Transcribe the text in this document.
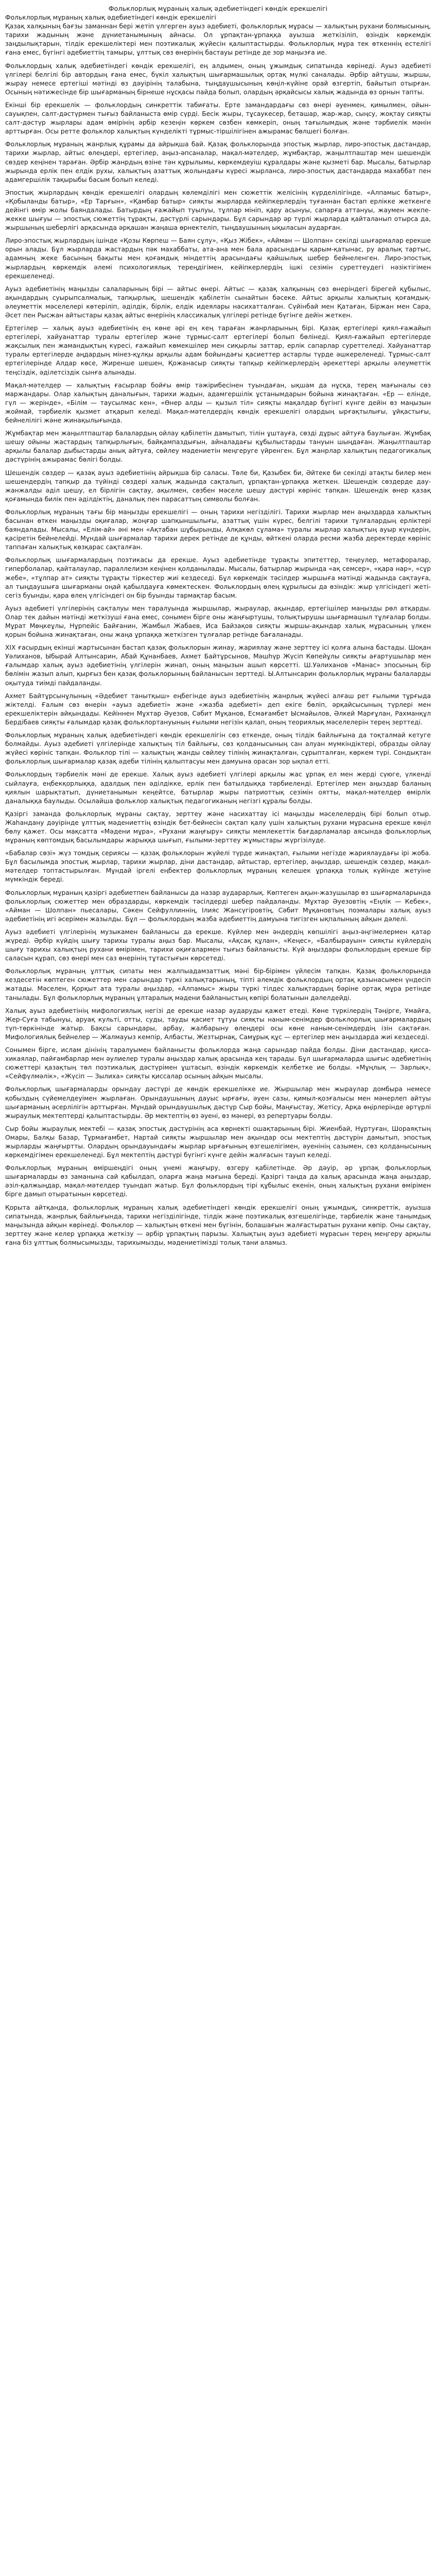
Фольклорлық мұраның халық әдебиетіндегі көндік ерекшелігі
Фольклорлық мұраның халық әдебиетіндегі көндік ерекшелігі

Қазақ халқының бағзы заманнан бері жетіп үлгерген ауыз әдебиеті, фольклорлық мұрасы — халықтың рухани болмысының, тарихи жадының және дүниетанымының айнасы. Ол ұрпақтан-ұрпаққа ауызша жеткізіліп, өзіндік көркемдік заңдылықтарын, тілдік ерекшеліктері мен поэтикалық жүйесін қалыптастырды. Фольклорлық мұра тек өткеннің естелігі ғана емес, бүгінгі әдебиеттің тамыры, ұлттық сөз өнерінің бастауы ретінде де зор маңызға ие.

Фольклордың халық әдебиетіндегі көндік ерекшелігі, ең алдымен, оның ұжымдық сипатында көрінеді. Ауыз әдебиеті үлгілері белгілі бір автордың ғана емес, бүкіл халықтың шығармашылық ортақ мүлкі саналады. Әрбір айтушы, жыршы, жырау немесе ертегіші мәтінді өз дәуірінің талабына, тыңдаушысының көңіл-күйіне орай өзгертіп, байытып отырған. Осының нәтижесінде бір шығарманың бірнеше нұсқасы пайда болып, олардың әрқайсысы халық жадында өз орнын тапты.

Екінші бір ерекшелік — фольклордың синкреттік табиғаты. Ерте замандардағы сөз өнері әуенмен, қимылмен, ойын-сауықпен, салт-дәстүрмен тығыз байланыста өмір сүрді. Бесік жыры, тұсаукесер, беташар, жар-жар, сыңсу, жоқтау сияқты салт-дәстүр жырлары адам өмірінің әрбір кезеңін көркем сөзбен көмкеріп, оның тағылымдық және тәрбиелік мәнін арттырған. Осы ретте фольклор халықтың күнделікті тұрмыс-тіршілігінен ажырамас бөлшегі болған.

Фольклорлық мұраның жанрлық құрамы да айрықша бай. Қазақ фольклорында эпостық жырлар, лиро-эпостық дастандар, тарихи жырлар, айтыс өлеңдері, ертегілер, аңыз-әпсаналар, мақал-мәтелдер, жұмбақтар, жаңылтпаштар мен шешендік сөздер кеңінен тараған. Әрбір жанрдың өзіне тән құрылымы, көркемдеуіш құралдары және қызметі бар. Мысалы, батырлар жырында ерлік пен елдік рухы, халықтың азаттық жолындағы күресі жырланса, лиро-эпостық дастандарда махаббат пен адамгершілік тақырыбы басым болып келеді.

Эпостық жырлардың көндік ерекшелігі олардың көлемділігі мен сюжеттік желісінің күрделілігінде. «Алпамыс батыр», «Қобыланды батыр», «Ер Тарғын», «Қамбар батыр» сияқты жырларда кейіпкерлердің туғаннан бастап ерлікке жеткенге дейінгі өмір жолы баяндалады. Батырдың ғажайып туылуы, тұлпар мініп, қару асынуы, сапарға аттануы, жаумен жекпе-жекке шығуы — эпостық сюжеттің тұрақты, дәстүрлі сарындары. Бұл сарындар әр түрлі жырларда қайталанып отырса да, жыршының шеберлігі арқасында әрқашан жаңаша өрнектеліп, тыңдаушының ықыласын аударған.

Лиро-эпостық жырлардың ішінде «Қозы Көрпеш — Баян сұлу», «Қыз Жібек», «Айман — Шолпан» секілді шығармалар ерекше орын алады. Бұл жырларда жастардың пәк махаббаты, ата-ана мен бала арасындағы қарым-қатынас, ру аралық тартыс, адамның жеке басының бақыты мен қоғамдық міндеттің арасындағы қайшылық шебер бейнеленген. Лиро-эпостық жырлардың көркемдік әлемі психологиялық тереңдігімен, кейіпкерлердің ішкі сезімін суреттеудегі нәзіктігімен ерекшеленеді.

Ауыз әдебиетінің маңызды салаларының бірі — айтыс өнері. Айтыс — қазақ халқының сөз өнеріндегі бірегей құбылыс, ақындардың суырыпсалмалық, тапқырлық, шешендік қабілетін сынайтын бәсеке. Айтыс арқылы халықтың қоғамдық-әлеуметтік мәселелері көтеріліп, әділдік, бірлік, елдік идеялары насихатталған. Сүйінбай мен Қатаған, Біржан мен Сара, Әсет пен Рысжан айтыстары қазақ айтыс өнерінің классикалық үлгілері ретінде бүгінге дейін жеткен.

Ертегілер — халық ауыз әдебиетінің ең көне әрі ең кең тараған жанрларының бірі. Қазақ ертегілері қиял-ғажайып ертегілері, хайуанаттар туралы ертегілер және тұрмыс-салт ертегілері болып бөлінеді. Қиял-ғажайып ертегілерде жақсылық пен жамандықтың күресі, ғажайып көмекшілер мен сиқырлы заттар, ерлік сапарлар суреттеледі. Хайуанаттар туралы ертегілерде аңдардың мінез-құлқы арқылы адам бойындағы қасиеттер астарлы түрде әшкереленеді. Тұрмыс-салт ертегілерінде Алдар көсе, Жиренше шешен, Қожанасыр сияқты тапқыр кейіпкерлердің әрекеттері арқылы әлеуметтік теңсіздік, әділетсіздік сынға алынады.

Мақал-мәтелдер — халықтың ғасырлар бойғы өмір тәжірибесінен туындаған, ықшам да нұсқа, терең мағыналы сөз маржандары. Олар халықтың даналығын, тарихи жадын, адамгершілік ұстанымдарын бойына жинақтаған. «Ер — елінде, гүл — жерінде», «Білім — таусылмас кен», «Өнер алды — қызыл тіл» сияқты мақалдар бүгінгі күнге дейін өз маңызын жоймай, тәрбиелік қызмет атқарып келеді. Мақал-мәтелдердің көндік ерекшелігі олардың ырғақтылығы, ұйқастығы, бейнелілігі және жинақылығында.

Жұмбақтар мен жаңылтпаштар балалардың ойлау қабілетін дамытып, тілін ұштауға, сөзді дұрыс айтуға баулыған. Жұмбақ шешу ойыны жастардың тапқырлығын, байқампаздығын, айналадағы құбылыстарды тануын шыңдаған. Жаңылтпаштар арқылы балалар дыбыстарды анық айтуға, сөйлеу мәдениетін меңгеруге үйренген. Бұл жанрлар халықтың педагогикалық дәстүрінің ажырамас бөлігі болды.

Шешендік сөздер — қазақ ауыз әдебиетінің айрықша бір саласы. Төле би, Қазыбек би, Әйтеке би секілді атақты билер мен шешендердің тапқыр да түйінді сөздері халық жадында сақталып, ұрпақтан-ұрпаққа жеткен. Шешендік сөздерде дау-жанжалды әділ шешу, ел бірлігін сақтау, ақылмен, сөзбен мәселе шешу дәстүрі көрініс тапқан. Шешендік өнер қазақ қоғамында билік пен әділдіктің, даналық пен парасаттың символы болған.

Фольклорлық мұраның тағы бір маңызды ерекшелігі — оның тарихи негізділігі. Тарихи жырлар мен аңыздарда халықтың басынан өткен маңызды оқиғалар, жоңғар шапқыншылығы, азаттық үшін күрес, белгілі тарихи тұлғалардың ерліктері баяндалады. Мысалы, «Елім-ай» әні мен «Ақтабан шұбырынды, Алқакөл сұлама» туралы жырлар халықтың ауыр күндерін, қасіретін бейнелейді. Мұндай шығармалар тарихи дерек ретінде де құнды, өйткені оларда ресми жазба деректерде көрініс таппаған халықтық көзқарас сақталған.

Фольклорлық шығармалардың поэтикасы да ерекше. Ауыз әдебиетінде тұрақты эпитеттер, теңеулер, метафоралар, гиперболалар, қайталаулар, параллелизм кеңінен қолданылады. Мысалы, батырлар жырында «ақ семсер», «қара нар», «сұр жебе», «тұлпар ат» сияқты тұрақты тіркестер жиі кездеседі. Бұл көркемдік тәсілдер жыршыға мәтінді жадында сақтауға, ал тыңдаушыға шығарманы оңай қабылдауға көмектескен. Фольклордың өлең құрылысы да өзіндік: жыр үлгісіндегі жеті-сегіз буынды, қара өлең үлгісіндегі он бір буынды тармақтар басым.

Ауыз әдебиеті үлгілерінің сақталуы мен таралуында жыршылар, жыраулар, ақындар, ертегішілер маңызды рөл атқарды. Олар тек дайын мәтінді жеткізуші ғана емес, сонымен бірге оны жаңғыртушы, толықтырушы шығармашыл тұлғалар болды. Мұрат Мөңкеұлы, Нұрпейіс Байғанин, Жамбыл Жабаев, Иса Байзақов сияқты жыршы-ақындар халық мұрасының үлкен қорын бойына жинақтаған, оны жаңа ұрпаққа жеткізген тұлғалар ретінде бағаланады.

XIX ғасырдың екінші жартысынан бастап қазақ фольклорын жинау, жариялау және зерттеу ісі қолға алына бастады. Шоқан Уәлиханов, Ыбырай Алтынсарин, Абай Құнанбаев, Ахмет Байтұрсынов, Мәшһүр Жүсіп Көпейұлы сияқты ағартушылар мен ғалымдар халық ауыз әдебиетінің үлгілерін жинап, оның маңызын ашып көрсетті. Ш.Уәлиханов «Манас» эпосының бір бөлімін жазып алып, қырғыз бен қазақ фольклорының байланысын зерттеді. Ы.Алтынсарин фольклорлық мұраны балаларды оқытуда тиімді пайдаланды.

Ахмет Байтұрсынұлының «Әдебиет танытқыш» еңбегінде ауыз әдебиетінің жанрлық жүйесі алғаш рет ғылыми тұрғыда жіктелді. Ғалым сөз өнерін «ауыз әдебиеті» және «жазба әдебиеті» деп екіге бөліп, әрқайсысының түрлері мен ерекшеліктерін айқындады. Кейіннен Мұхтар Әуезов, Сәбит Мұқанов, Есмағамбет Ысмайылов, Әлкей Марғұлан, Рахманқұл Бердібаев сияқты ғалымдар қазақ фольклортануының ғылыми негізін қалап, оның теориялық мәселелерін терең зерттеді.

Фольклорлық мұраның халық әдебиетіндегі көндік ерекшелігін сөз еткенде, оның тілдік байлығына да тоқталмай кетуге болмайды. Ауыз әдебиеті үлгілерінде халықтың тіл байлығы, сөз қолданысының сан алуан мүмкіндіктері, образды ойлау жүйесі көрініс тапқан. Фольклор тілі — халықтың жанды сөйлеу тілінің жинақталған, сұрыпталған, көркем түрі. Сондықтан фольклорлық шығармалар қазақ әдеби тілінің қалыптасуы мен дамуына орасан зор ықпал етті.

Фольклордың тәрбиелік мәні де ерекше. Халық ауыз әдебиеті үлгілері арқылы жас ұрпақ ел мен жерді сүюге, үлкенді сыйлауға, еңбекқорлыққа, адалдық пен әділдікке, ерлік пен батылдыққа тәрбиеленді. Ертегілер мен аңыздар баланың қиялын шарықтатып, дүниетанымын кеңейтсе, батырлар жыры патриоттық сезімін оятты, мақал-мәтелдер өмірлік даналыққа баулыды. Осылайша фольклор халықтық педагогиканың негізгі құралы болды.

Қазіргі заманда фольклорлық мұраны сақтау, зерттеу және насихаттау ісі маңызды мәселелердің бірі болып отыр. Жаһандану дәуірінде ұлттық мәдениеттің өзіндік бет-бейнесін сақтап қалу үшін халықтың рухани мұрасына ерекше көңіл бөлу қажет. Осы мақсатта «Мәдени мұра», «Рухани жаңғыру» сияқты мемлекеттік бағдарламалар аясында фольклорлық мұраның көптомдық басылымдары жарыққа шығып, ғылыми-зерттеу жұмыстары жүргізілуде.

«Бабалар сөзі» жүз томдық сериясы — қазақ фольклорын жүйелі түрде жинақтап, ғылыми негізде жариялаудағы ірі жоба. Бұл басылымда эпостық жырлар, тарихи жырлар, діни дастандар, айтыстар, ертегілер, аңыздар, шешендік сөздер, мақал-мәтелдер топтастырылған. Мұндай іргелі еңбектер фольклорлық мұраның келешек ұрпаққа толық күйінде жетуіне мүмкіндік береді.

Фольклорлық мұраның қазіргі әдебиетпен байланысы да назар аударарлық. Көптеген ақын-жазушылар өз шығармаларында фольклорлық сюжеттер мен образдарды, көркемдік тәсілдерді шебер пайдаланды. Мұхтар Әуезовтің «Еңлік — Кебек», «Айман — Шолпан» пьесалары, Сәкен Сейфуллиннің, Ілияс Жансүгіровтің, Сәбит Мұқановтың поэмалары халық ауыз әдебиетінің игі әсерімен жазылды. Бұл — фольклордың жазба әдебиеттің дамуына тигізген ықпалының айқын дәлелі.

Ауыз әдебиеті үлгілерінің музыкамен байланысы да ерекше. Күйлер мен әндердің көпшілігі аңыз-әңгімелермен қатар жүреді. Әрбір күйдің шығу тарихы туралы аңыз бар. Мысалы, «Ақсақ құлан», «Кеңес», «Балбырауын» сияқты күйлердің шығу тарихы халықтың рухани өмірімен, тарихи оқиғалармен тығыз байланысты. Күй аңыздары фольклордың ерекше бір саласын құрап, сөз өнері мен саз өнерінің тұтастығын көрсетеді.

Фольклорлық мұраның ұлттық сипаты мен жалпыадамзаттық мәні бір-бірімен үйлесім тапқан. Қазақ фольклорында кездесетін көптеген сюжеттер мен сарындар түркі халықтарының, тіпті әлемдік фольклордың ортақ қазынасымен үндесіп жатады. Мәселен, Қорқыт ата туралы аңыздар, «Алпамыс» жыры түркі тілдес халықтардың бәріне ортақ мұра ретінде танылады. Бұл фольклорлық мұраның ұлтаралық мәдени байланыстың көпірі болатынын дәлелдейді.

Халық ауыз әдебиетінің мифологиялық негізі де ерекше назар аударуды қажет етеді. Көне түркілердің Тәңірге, Ұмайға, Жер-Суға табынуы, аруақ культі, отты, суды, тауды қасиет тұтуы сияқты наным-сенімдер фольклорлық шығармалардың түп-төркінінде жатыр. Бақсы сарындары, арбау, жалбарыну өлеңдері осы көне наным-сенімдердің ізін сақтаған. Мифологиялық бейнелер — Жалмауыз кемпір, Албасты, Жезтырнақ, Самұрық құс — ертегілер мен аңыздарда жиі кездеседі.

Сонымен бірге, ислам дінінің таралуымен байланысты фольклорда жаңа сарындар пайда болды. Діни дастандар, қисса-хикаялар, пайғамбарлар мен әулиелер туралы аңыздар халық арасында кең тарады. Бұл шығармаларда шығыс әдебиетінің сюжеттері қазақтың төл поэтикалық дәстүрімен ұштасып, өзіндік көркемдік келбетке ие болды. «Мұңлық — Зарлық», «Сейфүлмәлік», «Жүсіп — Зылиха» сияқты қиссалар осының айқын мысалы.

Фольклорлық шығармаларды орындау дәстүрі де көндік ерекшелікке ие. Жыршылар мен жыраулар домбыра немесе қобыздың сүйемелдеуімен жырлаған. Орындаушының дауыс ырғағы, әуен сазы, қимыл-қозғалысы мен мәнерлеп айтуы шығарманың әсерлілігін арттырған. Мұндай орындаушылық дәстүр Сыр бойы, Маңғыстау, Жетісу, Арқа өңірлерінде әртүрлі жыраулық мектептерді қалыптастырды. Әр мектептің өз әуені, өз мәнері, өз репертуары болды.

Сыр бойы жыраулық мектебі — қазақ эпостық дәстүрінің аса көрнекті ошақтарының бірі. Жиенбай, Нұртуған, Шораяқтың Омары, Балқы Базар, Тұрмағамбет, Нартай сияқты жыршылар мен ақындар осы мектептің дәстүрін дамытып, эпостық жырларды жаңғыртты. Олардың орындауындағы жырлар ырғағының өзгешелігімен, әуенінің сазымен, сөз қолданысының көркемдігімен ерекшеленеді. Бұл мектептің дәстүрі бүгінгі күнге дейін жалғасын тауып келеді.

Фольклорлық мұраның өміршеңдігі оның үнемі жаңғыру, өзгеру қабілетінде. Әр дәуір, әр ұрпақ фольклорлық шығармаларды өз заманына сай қабылдап, оларға жаңа мағына береді. Қазіргі таңда да халық арасында жаңа аңыздар, әзіл-қалжыңдар, мақал-мәтелдер туындап жатыр. Бұл фольклордың тірі құбылыс екенін, оның халықтың рухани өмірімен бірге дамып отыратынын көрсетеді.

Қорыта айтқанда, фольклорлық мұраның халық әдебиетіндегі көндік ерекшелігі оның ұжымдық, синкреттік, ауызша сипатында, жанрлық байлығында, тарихи негізділігінде, тілдік және поэтикалық өзгешелігінде, тәрбиелік және танымдық маңызында айқын көрінеді. Фольклор — халықтың өткені мен бүгінін, болашағын жалғастыратын рухани көпір. Оны сақтау, зерттеу және келер ұрпаққа жеткізу — әрбір ұрпақтың парызы. Халықтың ауыз әдебиеті мұрасын терең меңгеру арқылы ғана біз ұлттық болмысымызды, тарихымызды, мәдениетімізді толық тани аламыз.
